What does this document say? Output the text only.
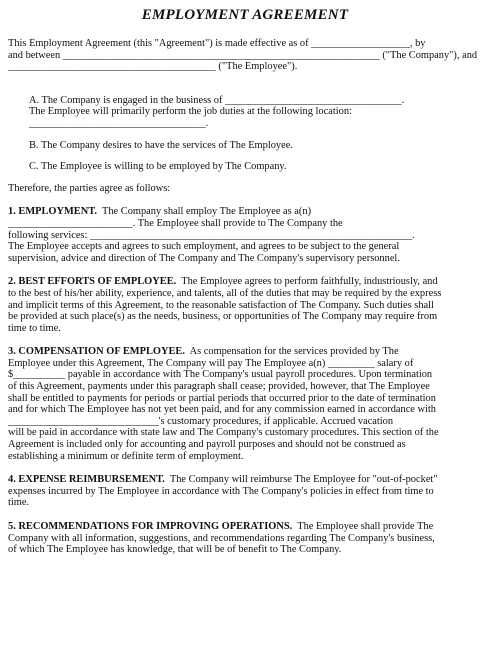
EMPLOYMENT AGREEMENT

This Employment Agreement (this "Agreement") is made effective as of ___________________, by

and between _____________________________________________________________ ("The Company"), and

________________________________________ ("The Employee").

A. The Company is engaged in the business of __________________________________.

The Employee will primarily perform the job duties at the following location:

__________________________________.

B. The Company desires to have the services of The Employee.

C. The Employee is willing to be employed by The Company.

Therefore, the parties agree as follows:

1. EMPLOYMENT. The Company shall employ The Employee as a(n)

________________________. The Employee shall provide to The Company the

following services: ______________________________________________________________.

The Employee accepts and agrees to such employment, and agrees to be subject to the general

supervision, advice and direction of The Company and The Company's supervisory personnel.

2. BEST EFFORTS OF EMPLOYEE. The Employee agrees to perform faithfully, industriously, and

to the best of his/her ability, experience, and talents, all of the duties that may be required by the express

and implicit terms of this Agreement, to the reasonable satisfaction of The Company. Such duties shall

be provided at such place(s) as the needs, business, or opportunities of The Company may require from

time to time.

3. COMPENSATION OF EMPLOYEE. As compensation for the services provided by The

Employee under this Agreement, The Company will pay The Employee a(n) _________ salary of

$__________ payable in accordance with The Company's usual payroll procedures. Upon termination

of this Agreement, payments under this paragraph shall cease; provided, however, that The Employee

shall be entitled to payments for periods or partial periods that occurred prior to the date of termination

and for which The Employee has not yet been paid, and for any commission earned in accordance with

_____________________________'s customary procedures, if applicable. Accrued vacation

will be paid in accordance with state law and The Company's customary procedures. This section of the

Agreement is included only for accounting and payroll purposes and should not be construed as

establishing a minimum or definite term of employment.

4. EXPENSE REIMBURSEMENT. The Company will reimburse The Employee for "out-of-pocket"

expenses incurred by The Employee in accordance with The Company's policies in effect from time to

time.

5. RECOMMENDATIONS FOR IMPROVING OPERATIONS. The Employee shall provide The

Company with all information, suggestions, and recommendations regarding The Company's business,

of which The Employee has knowledge, that will be of benefit to The Company.
